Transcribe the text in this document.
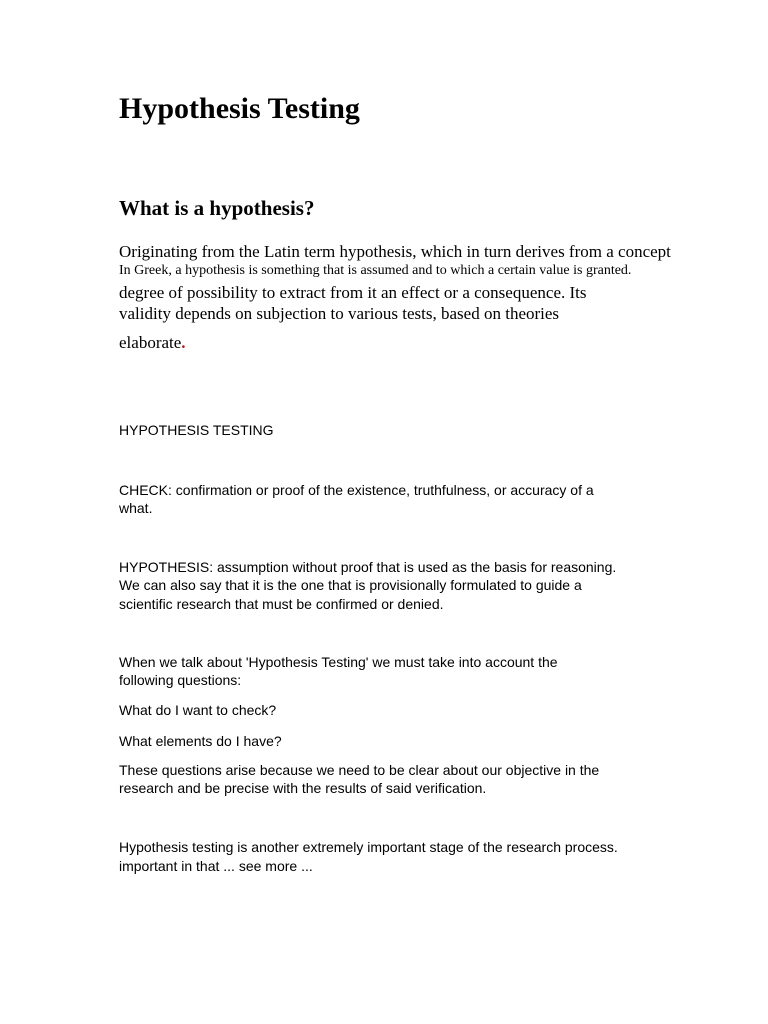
Hypothesis Testing
What is a hypothesis?

Originating from the Latin term hypothesis, which in turn derives from a concept

In Greek, a hypothesis is something that is assumed and to which a certain value is granted.

degree of possibility to extract from it an effect or a consequence. Its

validity depends on subjection to various tests, based on theories

elaborate.

HYPOTHESIS TESTING

CHECK: confirmation or proof of the existence, truthfulness, or accuracy of a

what.

HYPOTHESIS: assumption without proof that is used as the basis for reasoning.

We can also say that it is the one that is provisionally formulated to guide a

scientific research that must be confirmed or denied.

When we talk about 'Hypothesis Testing' we must take into account the

following questions:

What do I want to check?

What elements do I have?

These questions arise because we need to be clear about our objective in the

research and be precise with the results of said verification.

Hypothesis testing is another extremely important stage of the research process.

important in that ... see more ...
